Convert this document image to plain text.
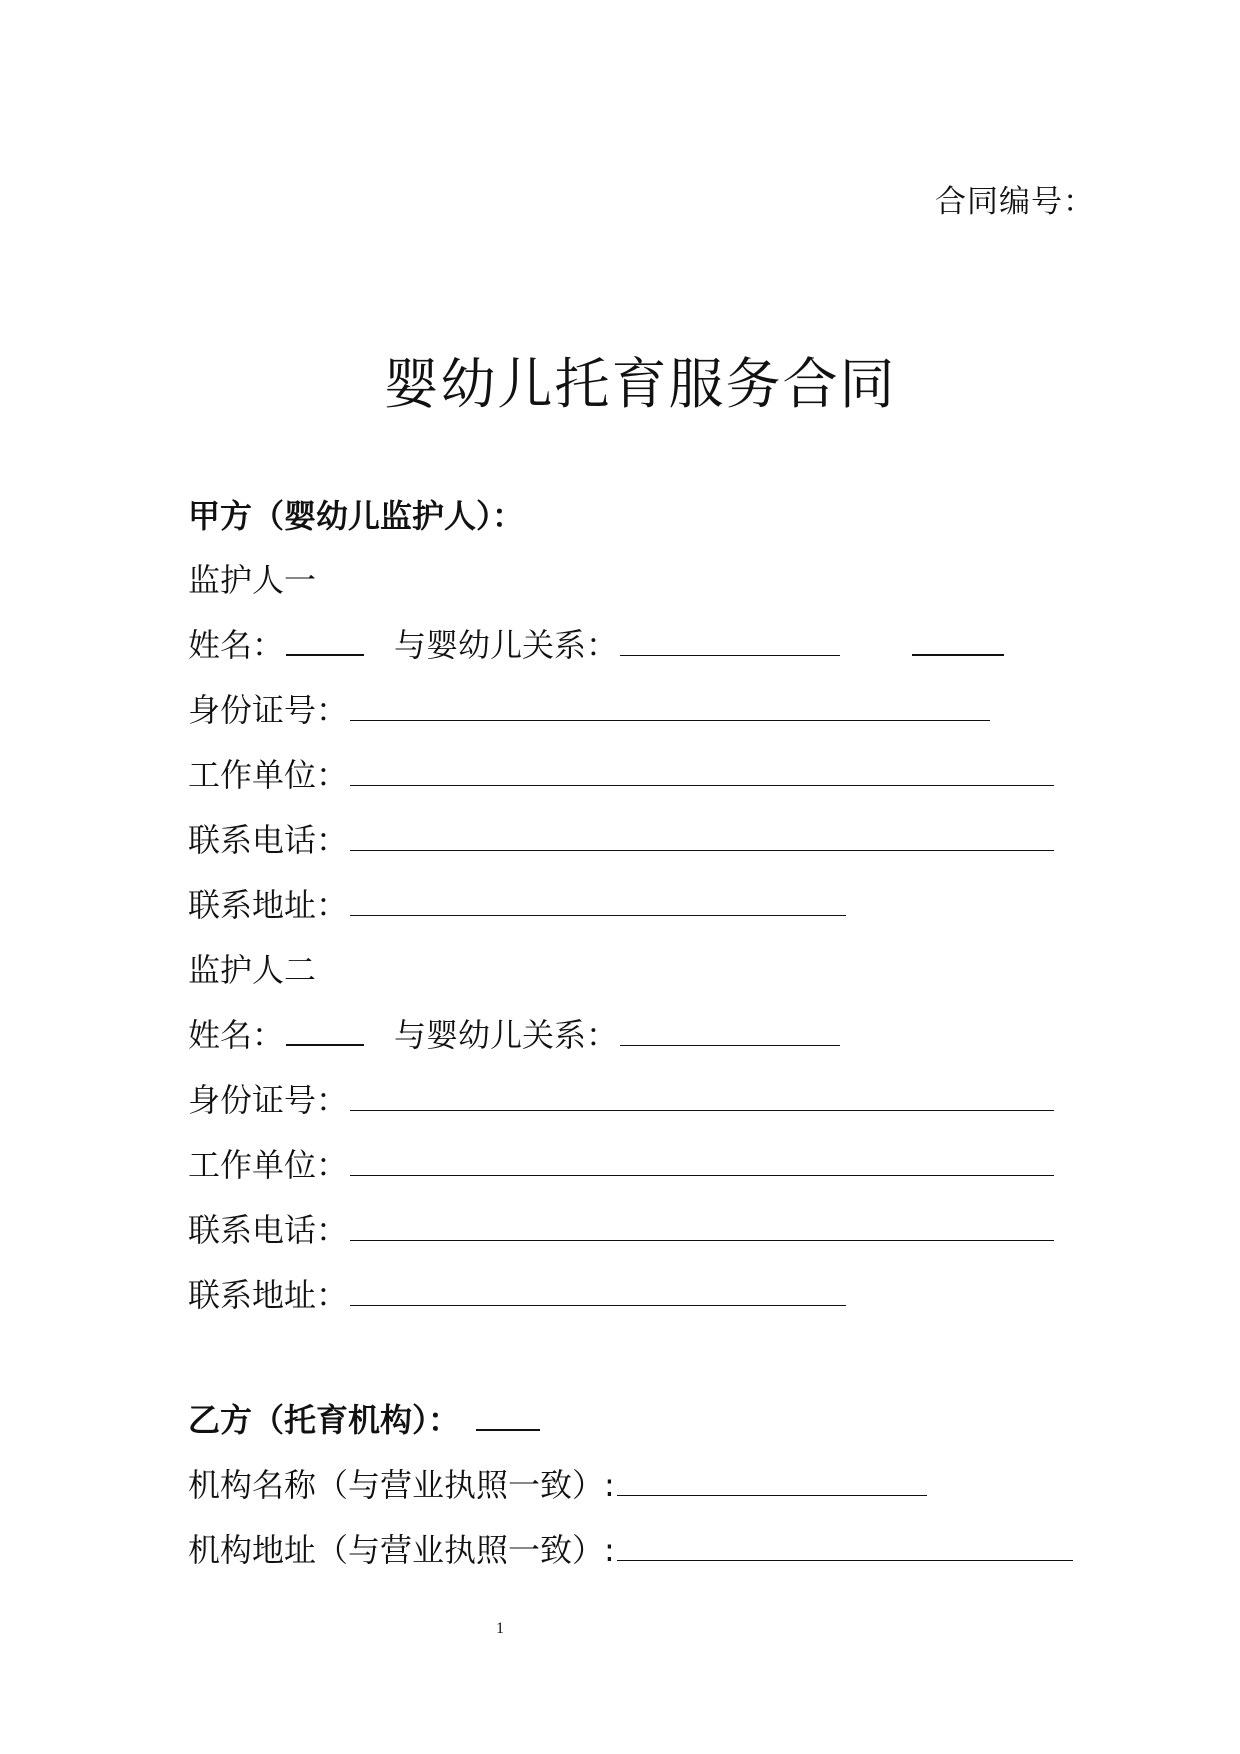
合同编号：
婴幼儿托育服务合同
甲方（婴幼儿监护人）：
监护人一
姓名：	与婴幼儿关系：
身份证号：
工作单位：
联系电话：
联系地址：
监护人二
姓名：	与婴幼儿关系：
身份证号：
工作单位：
联系电话：
联系地址：
乙方（托育机构）：
机构名称（与营业执照一致）:
机构地址（与营业执照一致）:
1
